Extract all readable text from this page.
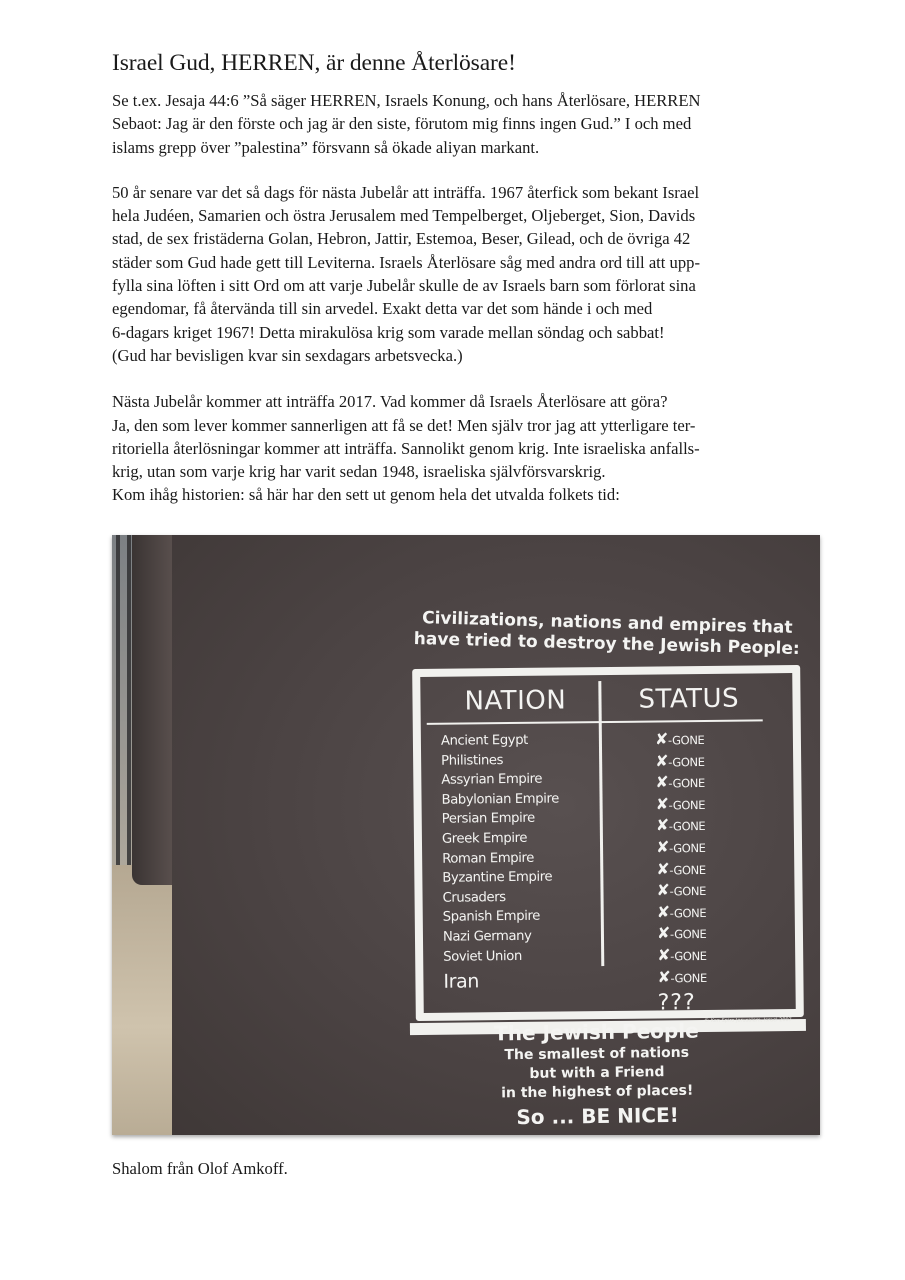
Israel Gud, HERREN, är denne Återlösare!

Se t.ex. Jesaja 44:6 ”Så säger HERREN, Israels Konung, och hans Återlösare, HERREN
Sebaot: Jag är den förste och jag är den siste, förutom mig finns ingen Gud.” I och med
islams grepp över ”palestina” försvann så ökade aliyan markant.

50 år senare var det så dags för nästa Jubelår att inträffa. 1967 återfick som bekant Israel
hela Judéen, Samarien och östra Jerusalem med Tempelberget, Oljeberget, Sion, Davids
stad, de sex fristäderna Golan, Hebron, Jattir, Estemoa, Beser, Gilead, och de övriga 42
städer som Gud hade gett till Leviterna. Israels Återlösare såg med andra ord till att upp-
fylla sina löften i sitt Ord om att varje Jubelår skulle de av Israels barn som förlorat sina
egendomar, få återvända till sin arvedel. Exakt detta var det som hände i och med
6-dagars kriget 1967! Detta mirakulösa krig som varade mellan söndag och sabbat!
(Gud har bevisligen kvar sin sexdagars arbetsvecka.)

Nästa Jubelår kommer att inträffa 2017. Vad kommer då Israels Återlösare att göra?
Ja, den som lever kommer sannerligen att få se det! Men själv tror jag att ytterligare ter-
ritoriella återlösningar kommer att inträffa. Sannolikt genom krig. Inte israeliska anfalls-
krig, utan som varje krig har varit sedan 1948, israeliska självförsvarskrig.
Kom ihåg historien: så här har den sett ut genom hela det utvalda folkets tid:

Civilizations, nations and empires that have tried to destroy the Jewish People:
NATION	STATUS
Ancient Egypt
Philistines
Assyrian Empire
Babylonian Empire
Persian Empire
Greek Empire
Roman Empire
Byzantine Empire
Crusaders
Spanish Empire
Nazi Germany
Soviet Union
Iran
✘-GONE
✘-GONE
✘-GONE
✘-GONE
✘-GONE
✘-GONE
✘-GONE
✘-GONE
✘-GONE
✘-GONE
✘-GONE
✘-GONE
???
© Ken Spiro Jerusalem, Israel 2007
The Jewish People
The smallest of nations
but with a Friend
in the highest of places!
So ... BE NICE!
Shalom från Olof Amkoff.
